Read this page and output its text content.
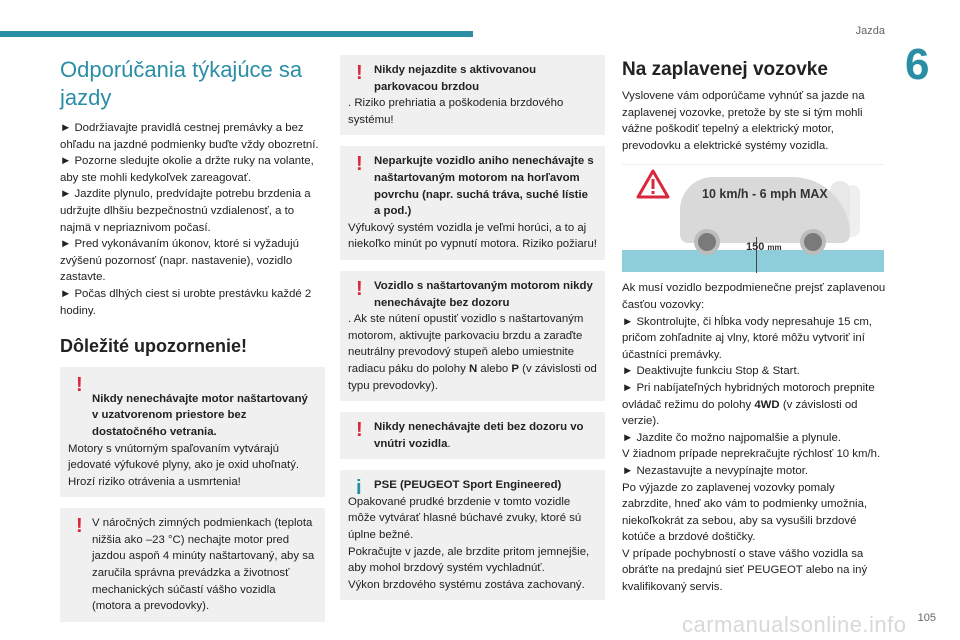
Jazda
6
Odporúčania týkajúce sa jazdy
► Dodržiavajte pravidlá cestnej premávky a bez ohľadu na jazdné podmienky buďte vždy obozretní.
► Pozorne sledujte okolie a držte ruky na volante, aby ste mohli kedykoľvek zareagovať.
► Jazdite plynulo, predvídajte potrebu brzdenia a udržujte dlhšiu bezpečnostnú vzdialenosť, a to najmä v nepriaznivom počasí.
► Pred vykonávaním úkonov, ktoré si vyžadujú zvýšenú pozornosť (napr. nastavenie), vozidlo zastavte.
► Počas dlhých ciest si urobte prestávku každé 2 hodiny.
Dôležité upozornenie!
!
Nikdy nenechávajte motor naštartovaný v uzatvorenom priestore bez dostatočného vetrania.
Motory s vnútorným spaľovaním vytvárajú jedovaté výfukové plyny, ako je oxid uhoľnatý. Hrozí riziko otrávenia a usmrtenia!
! V náročných zimných podmienkach (teplota nižšia ako –23 °C) nechajte motor pred jazdou aspoň 4 minúty naštartovaný, aby sa zaručila správna prevádzka a životnosť mechanických súčastí vášho vozidla (motora a prevodovky).
! Nikdy nejazdite s aktivovanou parkovacou brzdou
. Riziko prehriatia a poškodenia brzdového systému!
! Neparkujte vozidlo aniho nenechávajte s naštartovaným motorom na horľavom povrchu (napr. suchá tráva, suché lístie a pod.)
Výfukový systém vozidla je veľmi horúci, a to aj niekoľko minút po vypnutí motora. Riziko požiaru!
! Vozidlo s naštartovaným motorom nikdy nenechávajte bez dozoru
. Ak ste nútení opustiť vozidlo s naštartovaným motorom, aktivujte parkovaciu brzdu a zaraďte neutrálny prevodový stupeň alebo umiestnite radiacu páku do polohy N alebo P (v závislosti od typu prevodovky).
! Nikdy nenechávajte deti bez dozoru vo vnútri vozidla.
i	PSE (PEUGEOT Sport Engineered)
Opakované prudké brzdenie v tomto vozidle môže vytvárať hlasné búchavé zvuky, ktoré sú úplne bežné.
Pokračujte v jazde, ale brzdite pritom jemnejšie, aby mohol brzdový systém vychladnúť.
Výkon brzdového systému zostáva zachovaný.
Na zaplavenej vozovke
Vyslovene vám odporúčame vyhnúť sa jazde na zaplavenej vozovke, pretože by ste si tým mohli vážne poškodiť tepelný a elektrický motor, prevodovku a elektrické systémy vozidla.
10 km/h - 6 mph MAX
150 mm
Ak musí vozidlo bezpodmienečne prejsť zaplavenou časťou vozovky:
► Skontrolujte, či hĺbka vody nepresahuje 15 cm, pričom zohľadnite aj vlny, ktoré môžu vytvoriť iní účastníci premávky.
► Deaktivujte funkciu Stop & Start.
► Pri nabíjateľných hybridných motoroch prepnite ovládač režimu do polohy 4WD (v závislosti od verzie).
► Jazdite čo možno najpomalšie a plynule.
V žiadnom prípade neprekračujte rýchlosť 10 km/h.
► Nezastavujte a nevypínajte motor.
Po výjazde zo zaplavenej vozovky pomaly zabrzdite, hneď ako vám to podmienky umožnia, niekoľkokrát za sebou, aby sa vysušili brzdové kotúče a brzdové doštičky.
V prípade pochybností o stave vášho vozidla sa obráťte na predajnú sieť PEUGEOT alebo na iný kvalifikovaný servis.
carmanualsonline.info 105
